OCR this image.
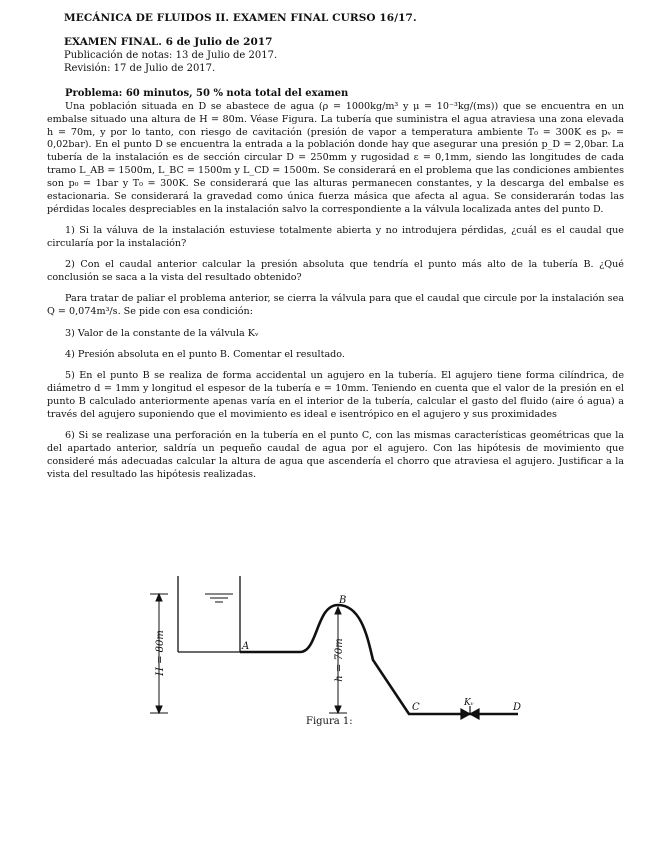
MECÁNICA DE FLUIDOS II. EXAMEN FINAL CURSO 16/17.
EXAMEN FINAL. 6 de Julio de 2017
Publicación de notas: 13 de Julio de 2017.
Revisión: 17 de Julio de 2017.

Problema: 60 minutos, 50 % nota total del examen

Una población situada en D se abastece de agua (ρ = 1000kg/m³ y μ = 10⁻³kg/(ms)) que se encuentra en un embalse situado una altura de H = 80m. Véase Figura. La tubería que suministra el agua atraviesa una zona elevada h = 70m, y por lo tanto, con riesgo de cavitación (presión de vapor a temperatura ambiente T₀ = 300K es pᵥ = 0,02bar). En el punto D se encuentra la entrada a la población donde hay que asegurar una presión p_D = 2,0bar. La tubería de la instalación es de sección circular D = 250mm y rugosidad ε = 0,1mm, siendo las longitudes de cada tramo L_AB = 1500m, L_BC = 1500m y L_CD = 1500m. Se considerará en el problema que las condiciones ambientes son p₀ = 1bar y T₀ = 300K. Se considerará que las alturas permanecen constantes, y la descarga del embalse es estacionaria. Se considerará la gravedad como única fuerza másica que afecta al agua. Se considerarán todas las pérdidas locales despreciables en la instalación salvo la correspondiente a la válvula localizada antes del punto D.

1) Si la váluva de la instalación estuviese totalmente abierta y no introdujera pérdidas, ¿cuál es el caudal que circularía por la instalación?

2) Con el caudal anterior calcular la presión absoluta que tendría el punto más alto de la tubería B. ¿Qué conclusión se saca a la vista del resultado obtenido?

Para tratar de paliar el problema anterior, se cierra la válvula para que el caudal que circule por la instalación sea Q = 0,074m³/s. Se pide con esa condición:

3) Valor de la constante de la válvula Kᵥ

4) Presión absoluta en el punto B. Comentar el resultado.

5) En el punto B se realiza de forma accidental un agujero en la tubería. El agujero tiene forma cilíndrica, de diámetro d = 1mm y longitud el espesor de la tubería e = 10mm. Teniendo en cuenta que el valor de la presión en el punto B calculado anteriormente apenas varía en el interior de la tubería, calcular el gasto del fluido (aire ó agua) a través del agujero suponiendo que el movimiento es ideal e isentrópico en el agujero y sus proximidades

6) Si se realizase una perforación en la tubería en el punto C, con las mismas características geométricas que la del apartado anterior, saldría un pequeño caudal de agua por el agujero. Con las hipótesis de movimiento que consideré más adecuadas calcular la altura de agua que ascendería el chorro que atraviesa el agujero. Justificar a la vista del resultado las hipótesis realizadas.

H = 80m	h = 70m
A
B
C	D
Kᵥ
Figura 1:
